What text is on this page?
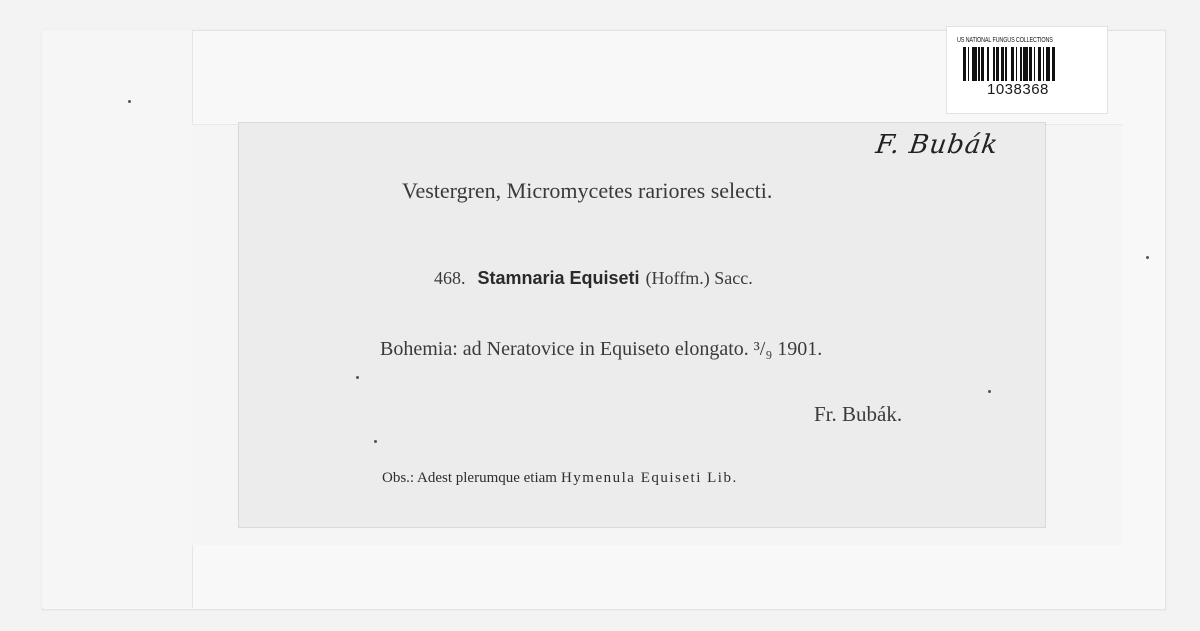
US NATIONAL FUNGUS COLLECTIONS
1038368
F. Bubák
Vestergren, Micromycetes rariores selecti.
468. Stamnaria Equiseti (Hoffm.) Sacc.
Bohemia: ad Neratovice in Equiseto elongato. ³/₉ 1901.
Fr. Bubák.
Obs.: Adest plerumque etiam Hymenula Equiseti Lib.
